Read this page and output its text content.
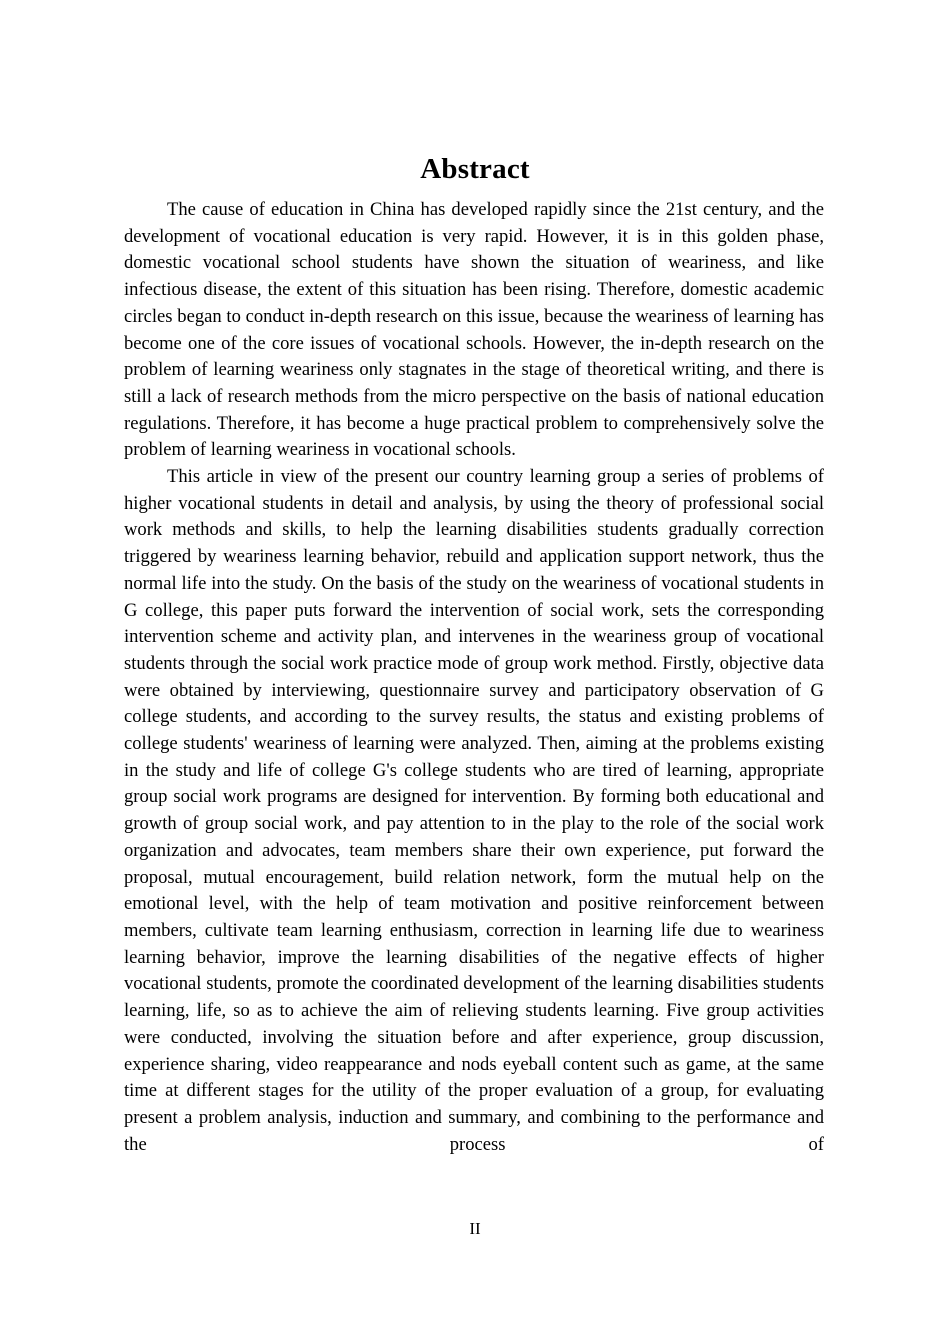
Abstract

The cause of education in China has developed rapidly since the 21st century, and the development of vocational education is very rapid. However, it is in this golden phase, domestic vocational school students have shown the situation of weariness, and like infectious disease, the extent of this situation has been rising. Therefore, domestic academic circles began to conduct in-depth research on this issue, because the weariness of learning has become one of the core issues of vocational schools. However, the in-depth research on the problem of learning weariness only stagnates in the stage of theoretical writing, and there is still a lack of research methods from the micro perspective on the basis of national education regulations. Therefore, it has become a huge practical problem to comprehensively solve the problem of learning weariness in vocational schools.

This article in view of the present our country learning group a series of problems of higher vocational students in detail and analysis, by using the theory of professional social work methods and skills, to help the learning disabilities students gradually correction triggered by weariness learning behavior, rebuild and application support network, thus the normal life into the study. On the basis of the study on the weariness of vocational students in G college, this paper puts forward the intervention of social work, sets the corresponding intervention scheme and activity plan, and intervenes in the weariness group of vocational students through the social work practice mode of group work method. Firstly, objective data were obtained by interviewing, questionnaire survey and participatory observation of G college students, and according to the survey results, the status and existing problems of college students' weariness of learning were analyzed. Then, aiming at the problems existing in the study and life of college G's college students who are tired of learning, appropriate group social work programs are designed for intervention. By forming both educational and growth of group social work, and pay attention to in the play to the role of the social work organization and advocates, team members share their own experience, put forward the proposal, mutual encouragement, build relation network, form the mutual help on the emotional level, with the help of team motivation and positive reinforcement between members, cultivate team learning enthusiasm, correction in learning life due to weariness learning behavior, improve the learning disabilities of the negative effects of higher vocational students, promote the coordinated development of the learning disabilities students learning, life, so as to achieve the aim of relieving students learning. Five group activities were conducted, involving the situation before and after experience, group discussion, experience sharing, video reappearance and nods eyeball content such as game, at the same time at different stages for the utility of the proper evaluation of a group, for evaluating present a problem analysis, induction and summary, and combining to the performance and the process of

II
